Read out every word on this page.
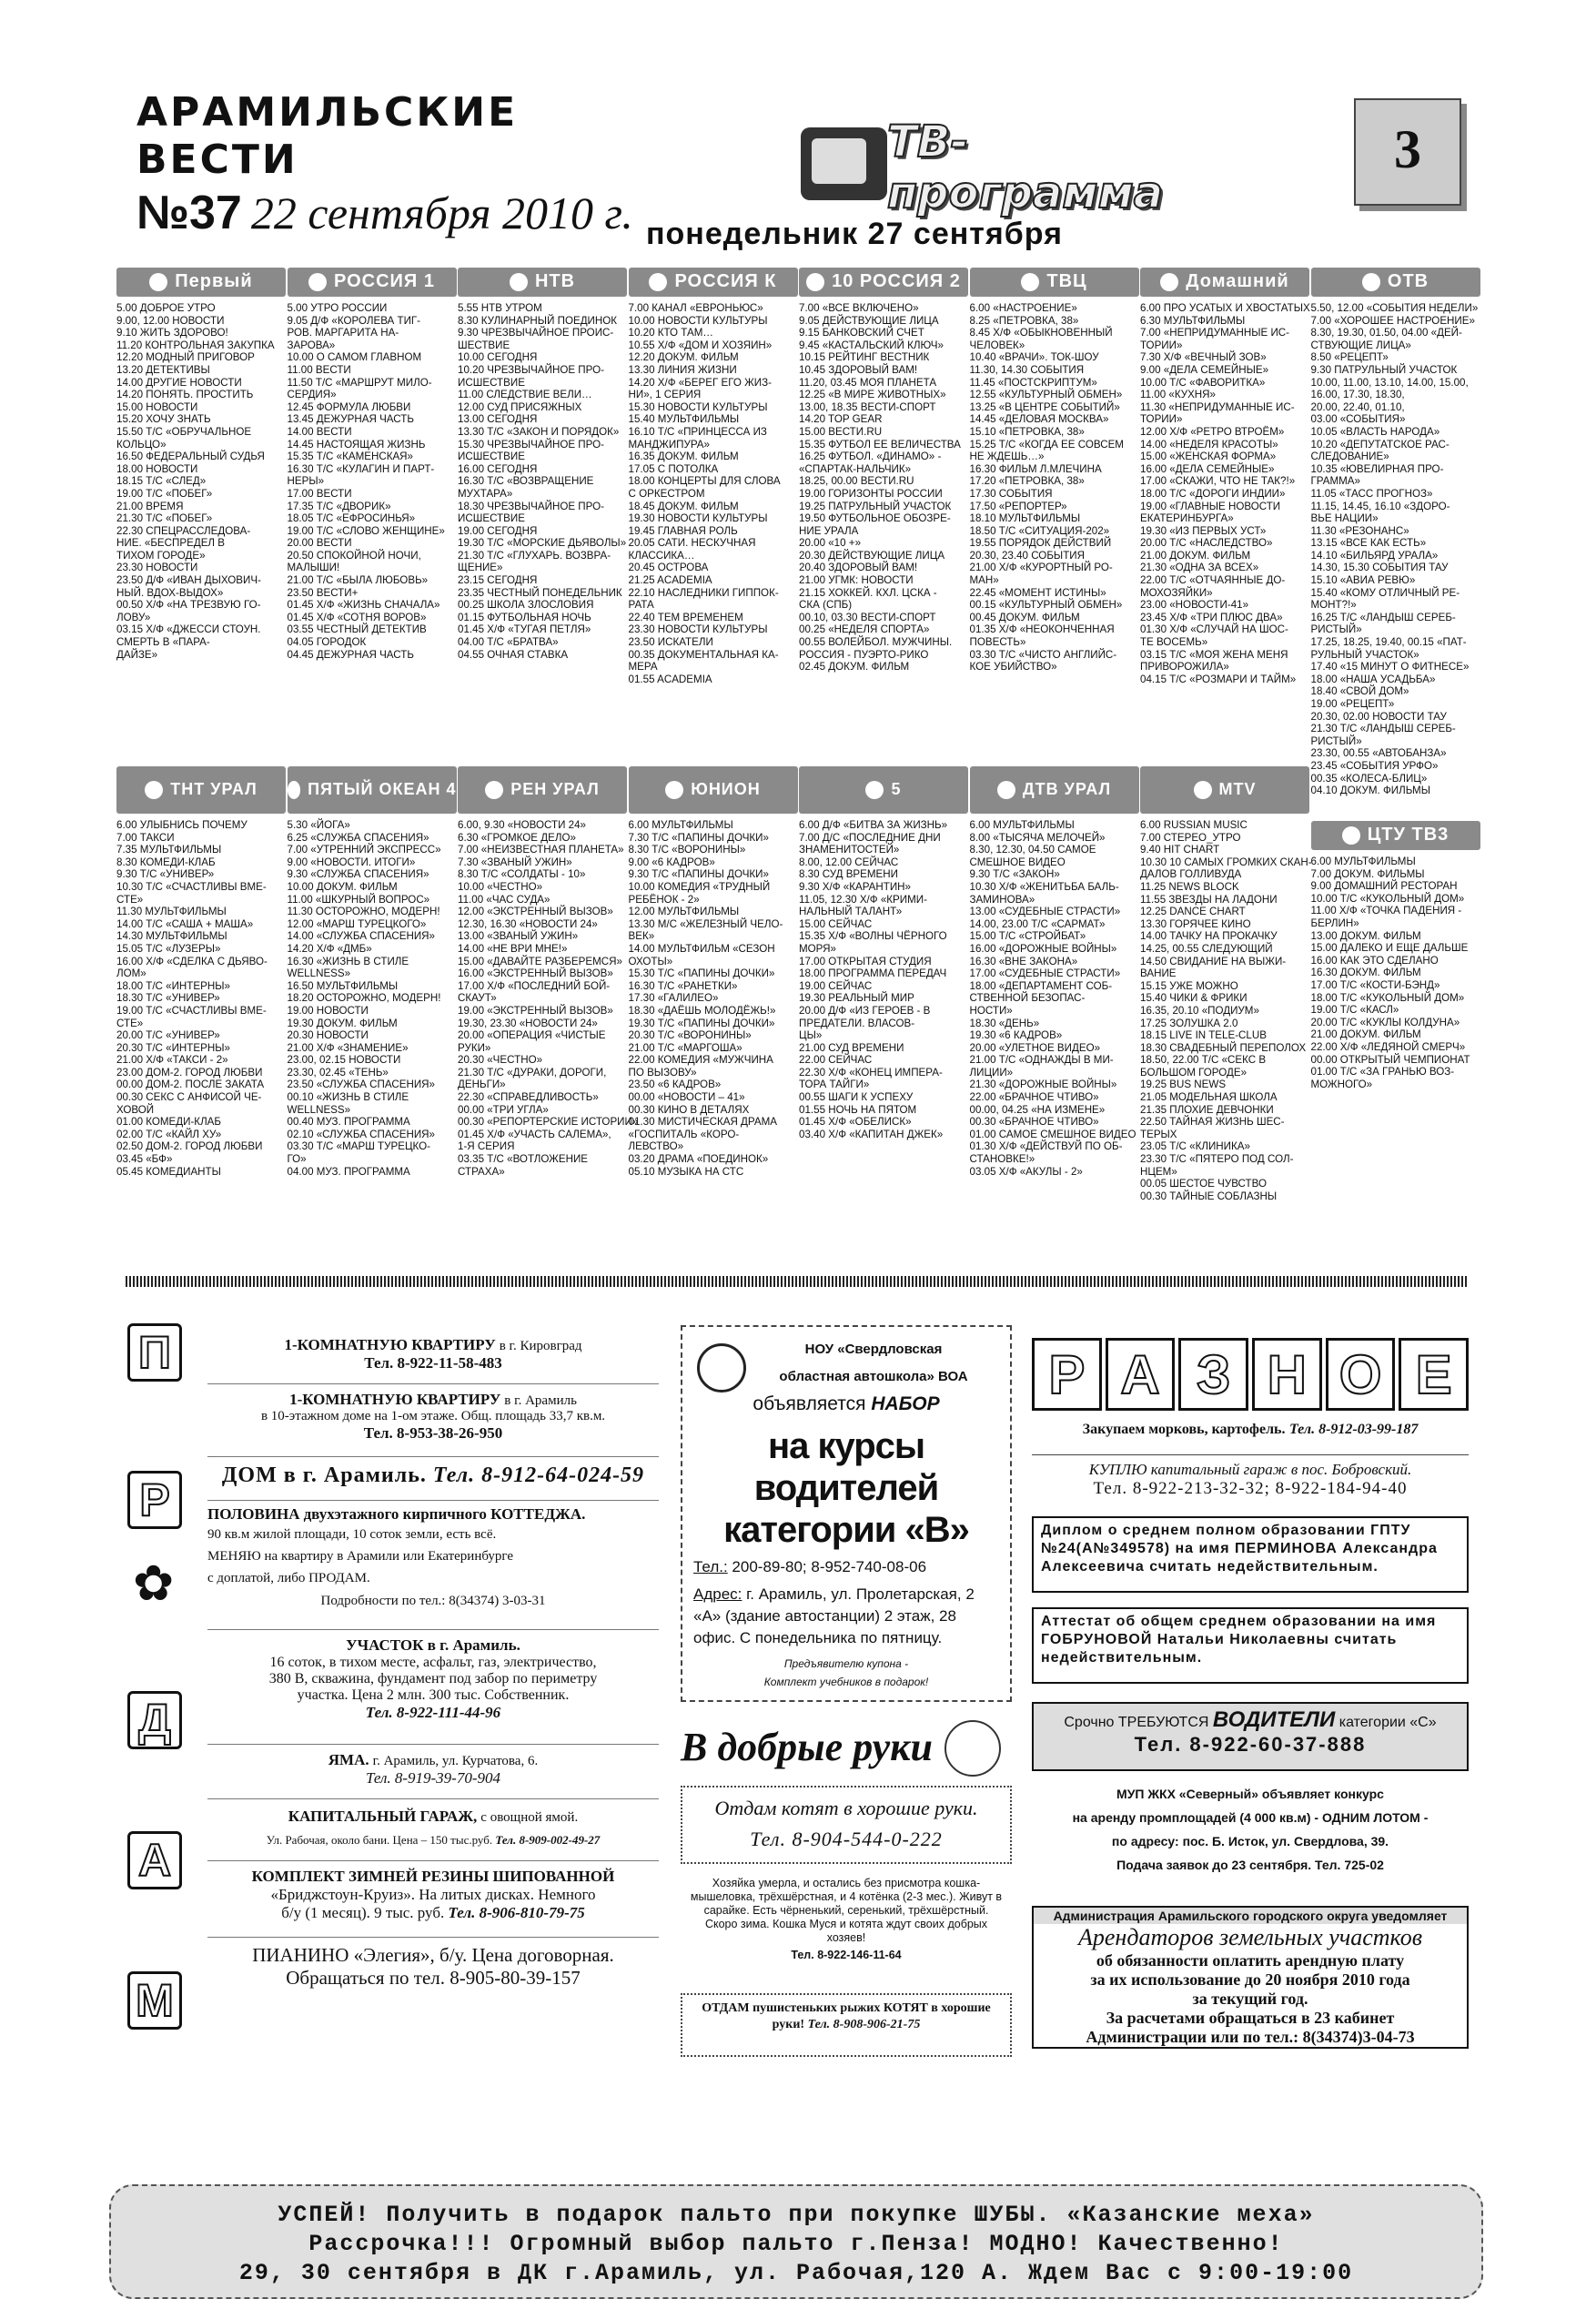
АРАМИЛЬСКИЕ ВЕСТИ
№37 22 сентября 2010 г.
ТВ-программа
3
понедельник 27 сентября
Первый
5.00 ДОБРОЕ УТРО
9.00, 12.00 НОВОСТИ
9.10 ЖИТЬ ЗДОРОВО!
11.20 КОНТРОЛЬНАЯ ЗАКУПКА
12.20 МОДНЫЙ ПРИГОВОР
13.20 ДЕТЕКТИВЫ
14.00 ДРУГИЕ НОВОСТИ
14.20 ПОНЯТЬ. ПРОСТИТЬ
15.00 НОВОСТИ
15.20 ХОЧУ ЗНАТЬ
15.50 Т/С «ОБРУЧАЛЬНОЕ
КОЛЬЦО»
16.50 ФЕДЕРАЛЬНЫЙ СУДЬЯ
18.00 НОВОСТИ
18.15 Т/С «СЛЕД»
19.00 Т/С «ПОБЕГ»
21.00 ВРЕМЯ
21.30 Т/С «ПОБЕГ»
22.30 СПЕЦРАССЛЕДОВА-
НИЕ. «БЕСПРЕДЕЛ В
ТИХОМ ГОРОДЕ»
23.30 НОВОСТИ
23.50 Д/Ф «ИВАН ДЫХОВИЧ-
НЫЙ. ВДОХ-ВЫДОХ»
00.50 Х/Ф «НА ТРЕЗВУЮ ГО-
ЛОВУ»
03.15 Х/Ф «ДЖЕССИ СТОУН.
СМЕРТЬ В «ПАРА-
ДАЙЗЕ»
ТНТ УРАЛ
6.00 УЛЫБНИСЬ ПОЧЕМУ
7.00 ТАКСИ
7.35 МУЛЬТФИЛЬМЫ
8.30 КОМЕДИ-КЛАБ
9.30 Т/С «УНИВЕР»
10.30 Т/С «СЧАСТЛИВЫ ВМЕ-
СТЕ»
11.30 МУЛЬТФИЛЬМЫ
14.00 Т/С «САША + МАША»
14.30 МУЛЬТФИЛЬМЫ
15.05 Т/С «ЛУЗЕРЫ»
16.00 Х/Ф «СДЕЛКА С ДЬЯВО-
ЛОМ»
18.00 Т/С «ИНТЕРНЫ»
18.30 Т/С «УНИВЕР»
19.00 Т/С «СЧАСТЛИВЫ ВМЕ-
СТЕ»
20.00 Т/С «УНИВЕР»
20.30 Т/С «ИНТЕРНЫ»
21.00 Х/Ф «ТАКСИ - 2»
23.00 ДОМ-2. ГОРОД ЛЮБВИ
00.00 ДОМ-2. ПОСЛЕ ЗАКАТА
00.30 СЕКС С АНФИСОЙ ЧЕ-
ХОВОЙ
01.00 КОМЕДИ-КЛАБ
02.00 Т/С «КАЙЛ ХУ»
02.50 ДОМ-2. ГОРОД ЛЮБВИ
03.45 «БФ»
05.45 КОМЕДИАНТЫ
РОССИЯ 1
5.00 УТРО РОССИИ
9.05 Д/Ф «КОРОЛЕВА ТИГ-
РОВ. МАРГАРИТА НА-
ЗАРОВА»
10.00 О САМОМ ГЛАВНОМ
11.00 ВЕСТИ
11.50 Т/С «МАРШРУТ МИЛО-
СЕРДИЯ»
12.45 ФОРМУЛА ЛЮБВИ
13.45 ДЕЖУРНАЯ ЧАСТЬ
14.00 ВЕСТИ
14.45 НАСТОЯЩАЯ ЖИЗНЬ
15.35 Т/С «КАМЕНСКАЯ»
16.30 Т/С «КУЛАГИН И ПАРТ-
НЕРЫ»
17.00 ВЕСТИ
17.35 Т/С «ДВОРИК»
18.05 Т/С «ЕФРОСИНЬЯ»
19.00 Т/С «СЛОВО ЖЕНЩИНЕ»
20.00 ВЕСТИ
20.50 СПОКОЙНОЙ НОЧИ,
МАЛЫШИ!
21.00 Т/С «БЫЛА ЛЮБОВЬ»
23.50 ВЕСТИ+
01.45 Х/Ф «ЖИЗНЬ СНАЧАЛА»
01.45 Х/Ф «СОТНЯ ВОРОВ»
03.55 ЧЕСТНЫЙ ДЕТЕКТИВ
04.05 ГОРОДОК
04.45 ДЕЖУРНАЯ ЧАСТЬ
ПЯТЫЙ ОКЕАН 4
5.30 «ЙОГА»
6.25 «СЛУЖБА СПАСЕНИЯ»
7.00 «УТРЕННИЙ ЭКСПРЕСС»
9.00 «НОВОСТИ. ИТОГИ»
9.30 «СЛУЖБА СПАСЕНИЯ»
10.00 ДОКУМ. ФИЛЬМ
11.00 «ШКУРНЫЙ ВОПРОС»
11.30 ОСТОРОЖНО, МОДЕРН!
12.00 «МАРШ ТУРЕЦКОГО»
14.00 «СЛУЖБА СПАСЕНИЯ»
14.20 Х/Ф «ДМБ»
16.30 «ЖИЗНЬ В СТИЛЕ
WELLNESS»
16.50 МУЛЬТФИЛЬМЫ
18.20 ОСТОРОЖНО, МОДЕРН!
19.00 НОВОСТИ
19.30 ДОКУМ. ФИЛЬМ
20.30 НОВОСТИ
21.00 Х/Ф «ЗНАМЕНИЕ»
23.00, 02.15 НОВОСТИ
23.30, 02.45 «ТЕНЬ»
23.50 «СЛУЖБА СПАСЕНИЯ»
00.10 «ЖИЗНЬ В СТИЛЕ
WELLNESS»
00.40 МУЗ. ПРОГРАММА
02.10 «СЛУЖБА СПАСЕНИЯ»
03.30 Т/С «МАРШ ТУРЕЦКО-
ГО»
04.00 МУЗ. ПРОГРАММА
НТВ
5.55 НТВ УТРОМ
8.30 КУЛИНАРНЫЙ ПОЕДИНОК
9.30 ЧРЕЗВЫЧАЙНОЕ ПРОИС-
ШЕСТВИЕ
10.00 СЕГОДНЯ
10.20 ЧРЕЗВЫЧАЙНОЕ ПРО-
ИСШЕСТВИЕ
11.00 СЛЕДСТВИЕ ВЕЛИ…
12.00 СУД ПРИСЯЖНЫХ
13.00 СЕГОДНЯ
13.30 Т/С «ЗАКОН И ПОРЯДОК»
15.30 ЧРЕЗВЫЧАЙНОЕ ПРО-
ИСШЕСТВИЕ
16.00 СЕГОДНЯ
16.30 Т/С «ВОЗВРАЩЕНИЕ
МУХТАРА»
18.30 ЧРЕЗВЫЧАЙНОЕ ПРО-
ИСШЕСТВИЕ
19.00 СЕГОДНЯ
19.30 Т/С «МОРСКИЕ ДЬЯВОЛЫ»
21.30 Т/С «ГЛУХАРЬ. ВОЗВРА-
ЩЕНИЕ»
23.15 СЕГОДНЯ
23.35 ЧЕСТНЫЙ ПОНЕДЕЛЬНИК
00.25 ШКОЛА ЗЛОСЛОВИЯ
01.15 ФУТБОЛЬНАЯ НОЧЬ
01.45 Х/Ф «ТУГАЯ ПЕТЛЯ»
04.00 Т/С «БРАТВА»
04.55 ОЧНАЯ СТАВКА
РЕН УРАЛ
6.00, 9.30 «НОВОСТИ 24»
6.30 «ГРОМКОЕ ДЕЛО»
7.00 «НЕИЗВЕСТНАЯ ПЛАНЕТА»
7.30 «ЗВАНЫЙ УЖИН»
8.30 Т/С «СОЛДАТЫ - 10»
10.00 «ЧЕСТНО»
11.00 «ЧАС СУДА»
12.00 «ЭКСТРЕННЫЙ ВЫЗОВ»
12.30, 16.30 «НОВОСТИ 24»
13.00 «ЗВАНЫЙ УЖИН»
14.00 «НЕ ВРИ МНЕ!»
15.00 «ДАВАЙТЕ РАЗБЕРЕМСЯ»
16.00 «ЭКСТРЕННЫЙ ВЫЗОВ»
17.00 Х/Ф «ПОСЛЕДНИЙ БОЙ-
СКАУТ»
19.00 «ЭКСТРЕННЫЙ ВЫЗОВ»
19.30, 23.30 «НОВОСТИ 24»
20.00 «ОПЕРАЦИЯ «ЧИСТЫЕ
РУКИ»
20.30 «ЧЕСТНО»
21.30 Т/С «ДУРАКИ, ДОРОГИ,
ДЕНЬГИ»
22.30 «СПРАВЕДЛИВОСТЬ»
00.00 «ТРИ УГЛА»
00.30 «РЕПОРТЕРСКИЕ ИСТОРИИ»
01.45 Х/Ф «УЧАСТЬ САЛЕМА»,
1-Я СЕРИЯ
03.35 Т/С «ВОТЛОЖЕНИЕ
СТРАХА»
РОССИЯ К
7.00 КАНАЛ «ЕВРОНЬЮС»
10.00 НОВОСТИ КУЛЬТУРЫ
10.20 КТО ТАМ…
10.55 Х/Ф «ДОМ И ХОЗЯИН»
12.20 ДОКУМ. ФИЛЬМ
13.30 ЛИНИЯ ЖИЗНИ
14.20 Х/Ф «БЕРЕГ ЕГО ЖИЗ-
НИ», 1 СЕРИЯ
15.30 НОВОСТИ КУЛЬТУРЫ
15.40 МУЛЬТФИЛЬМЫ
16.10 Т/С «ПРИНЦЕССА ИЗ
МАНДЖИПУРА»
16.35 ДОКУМ. ФИЛЬМ
17.05 С ПОТОЛКА
18.00 КОНЦЕРТЫ ДЛЯ СЛОВА
С ОРКЕСТРОМ
18.45 ДОКУМ. ФИЛЬМ
19.30 НОВОСТИ КУЛЬТУРЫ
19.45 ГЛАВНАЯ РОЛЬ
20.05 САТИ. НЕСКУЧНАЯ
КЛАССИКА…
20.45 ОСТРОВА
21.25 ACADEMIA
22.10 НАСЛЕДНИКИ ГИППОК-
РАТА
22.40 ТЕМ ВРЕМЕНЕМ
23.30 НОВОСТИ КУЛЬТУРЫ
23.50 ИСКАТЕЛИ
00.35 ДОКУМЕНТАЛЬНАЯ КА-
МЕРА
01.55 ACADEMIA
ЮНИОН
6.00 МУЛЬТФИЛЬМЫ
7.30 Т/С «ПАПИНЫ ДОЧКИ»
8.30 Т/С «ВОРОНИНЫ»
9.00 «6 КАДРОВ»
9.30 Т/С «ПАПИНЫ ДОЧКИ»
10.00 КОМЕДИЯ «ТРУДНЫЙ
РЕБЁНОК - 2»
12.00 МУЛЬТФИЛЬМЫ
13.30 М/С «ЖЕЛЕЗНЫЙ ЧЕЛО-
ВЕК»
14.00 МУЛЬТФИЛЬМ «СЕЗОН
ОХОТЫ»
15.30 Т/С «ПАПИНЫ ДОЧКИ»
16.30 Т/С «РАНЕТКИ»
17.30 «ГАЛИЛЕО»
18.30 «ДАЁШЬ МОЛОДЁЖЬ!»
19.30 Т/С «ПАПИНЫ ДОЧКИ»
20.30 Т/С «ВОРОНИНЫ»
21.00 Т/С «МАРГОША»
22.00 КОМЕДИЯ «МУЖЧИНА
ПО ВЫЗОВУ»
23.50 «6 КАДРОВ»
00.00 «НОВОСТИ – 41»
00.30 КИНО В ДЕТАЛЯХ
01.30 МИСТИЧЕСКАЯ ДРАМА
«ГОСПИТАЛЬ «КОРО-
ЛЕВСТВО»
03.20 ДРАМА «ПОЕДИНОК»
05.10 МУЗЫКА НА СТС
10 РОССИЯ 2
7.00 «ВСЕ ВКЛЮЧЕНО»
9.05 ДЕЙСТВУЮЩИЕ ЛИЦА
9.15 БАНКОВСКИЙ СЧЕТ
9.45 «КАСТАЛЬСКИЙ КЛЮЧ»
10.15 РЕЙТИНГ ВЕСТНИК
10.45 ЗДОРОВЫЙ ВАМ!
11.20, 03.45 МОЯ ПЛАНЕТА
12.25 «В МИРЕ ЖИВОТНЫХ»
13.00, 18.35 ВЕСТИ-СПОРТ
14.20 TOP GEAR
15.00 ВЕСТИ.RU
15.35 ФУТБОЛ ЕЕ ВЕЛИЧЕСТВА
16.25 ФУТБОЛ. «ДИНАМО» -
«СПАРТАК-НАЛЬЧИК»
18.25, 00.00 ВЕСТИ.RU
19.00 ГОРИЗОНТЫ РОССИИ
19.25 ПАТРУЛЬНЫЙ УЧАСТОК
19.50 ФУТБОЛЬНОЕ ОБОЗРЕ-
НИЕ УРАЛА
20.00 «10 +»
20.30 ДЕЙСТВУЮЩИЕ ЛИЦА
20.40 ЗДОРОВЫЙ ВАМ!
21.00 УГМК: НОВОСТИ
21.15 ХОККЕЙ. КХЛ. ЦСКА -
СКА (СПБ)
00.10, 03.30 ВЕСТИ-СПОРТ
00.25 «НЕДЕЛЯ СПОРТА»
00.55 ВОЛЕЙБОЛ. МУЖЧИНЫ.
РОССИЯ - ПУЭРТО-РИКО
02.45 ДОКУМ. ФИЛЬМ
5
6.00 Д/Ф «БИТВА ЗА ЖИЗНЬ»
7.00 Д/С «ПОСЛЕДНИЕ ДНИ
ЗНАМЕНИТОСТЕЙ»
8.00, 12.00 СЕЙЧАС
8.30 СУД ВРЕМЕНИ
9.30 Х/Ф «КАРАНТИН»
11.05, 12.30 Х/Ф «КРИМИ-
НАЛЬНЫЙ ТАЛАНТ»
15.00 СЕЙЧАС
15.35 Х/Ф «ВОЛНЫ ЧЁРНОГО
МОРЯ»
17.00 ОТКРЫТАЯ СТУДИЯ
18.00 ПРОГРАММА ПЕРЕДАЧ
19.00 СЕЙЧАС
19.30 РЕАЛЬНЫЙ МИР
20.00 Д/Ф «ИЗ ГЕРОЕВ - В
ПРЕДАТЕЛИ. ВЛАСОВ-
ЦЫ»
21.00 СУД ВРЕМЕНИ
22.00 СЕЙЧАС
22.30 Х/Ф «КОНЕЦ ИМПЕРА-
ТОРА ТАЙГИ»
00.55 ШАГИ К УСПЕХУ
01.55 НОЧЬ НА ПЯТОМ
01.45 Х/Ф «ОБЕЛИСК»
03.40 Х/Ф «КАПИТАН ДЖЕК»
ТВЦ
6.00 «НАСТРОЕНИЕ»
8.25 «ПЕТРОВКА, 38»
8.45 Х/Ф «ОБЫКНОВЕННЫЙ
ЧЕЛОВЕК»
10.40 «ВРАЧИ». ТОК-ШОУ
11.30, 14.30 СОБЫТИЯ
11.45 «ПОСТСКРИПТУМ»
12.55 «КУЛЬТУРНЫЙ ОБМЕН»
13.25 «В ЦЕНТРЕ СОБЫТИЙ»
14.45 «ДЕЛОВАЯ МОСКВА»
15.10 «ПЕТРОВКА, 38»
15.25 Т/С «КОГДА ЕЕ СОВСЕМ
НЕ ЖДЕШЬ…»
16.30 ФИЛЬМ Л.МЛЕЧИНА
17.20 «ПЕТРОВКА, 38»
17.30 СОБЫТИЯ
17.50 «РЕПОРТЕР»
18.10 МУЛЬТФИЛЬМЫ
18.50 Т/С «СИТУАЦИЯ-202»
19.55 ПОРЯДОК ДЕЙСТВИЙ
20.30, 23.40 СОБЫТИЯ
21.00 Х/Ф «КУРОРТНЫЙ РО-
МАН»
22.45 «МОМЕНТ ИСТИНЫ»
00.15 «КУЛЬТУРНЫЙ ОБМЕН»
00.45 ДОКУМ. ФИЛЬМ
01.35 Х/Ф «НЕОКОНЧЕННАЯ
ПОВЕСТЬ»
03.30 Т/С «ЧИСТО АНГЛИЙС-
КОЕ УБИЙСТВО»
ДТВ УРАЛ
6.00 МУЛЬТФИЛЬМЫ
8.00 «ТЫСЯЧА МЕЛОЧЕЙ»
8.30, 12.30, 04.50 САМОЕ
СМЕШНОЕ ВИДЕО
9.30 Т/С «ЗАКОН»
10.30 Х/Ф «ЖЕНИТЬБА БАЛЬ-
ЗАМИНОВА»
13.00 «СУДЕБНЫЕ СТРАСТИ»
14.00, 23.00 Т/С «САРМАТ»
15.00 Т/С «СТРОЙБАТ»
16.00 «ДОРОЖНЫЕ ВОЙНЫ»
16.30 «ВНЕ ЗАКОНА»
17.00 «СУДЕБНЫЕ СТРАСТИ»
18.00 «ДЕПАРТАМЕНТ СОБ-
СТВЕННОЙ БЕЗОПАС-
НОСТИ»
18.30 «ДЕНЬ»
19.30 «6 КАДРОВ»
20.00 «УЛЕТНОЕ ВИДЕО»
21.00 Т/С «ОДНАЖДЫ В МИ-
ЛИЦИИ»
21.30 «ДОРОЖНЫЕ ВОЙНЫ»
22.00 «БРАЧНОЕ ЧТИВО»
00.00, 04.25 «НА ИЗМЕНЕ»
00.30 «БРАЧНОЕ ЧТИВО»
01.00 САМОЕ СМЕШНОЕ ВИДЕО
01.30 Х/Ф «ДЕЙСТВУЙ ПО ОБ-
СТАНОВКЕ!»
03.05 Х/Ф «АКУЛЫ - 2»
Домашний
6.00 ПРО УСАТЫХ И ХВОСТАТЫХ
6.30 МУЛЬТФИЛЬМЫ
7.00 «НЕПРИДУМАННЫЕ ИС-
ТОРИИ»
7.30 Х/Ф «ВЕЧНЫЙ ЗОВ»
9.00 «ДЕЛА СЕМЕЙНЫЕ»
10.00 Т/С «ФАВОРИТКА»
11.00 «КУХНЯ»
11.30 «НЕПРИДУМАННЫЕ ИС-
ТОРИИ»
12.00 Х/Ф «РЕТРО ВТРОЁМ»
14.00 «НЕДЕЛЯ КРАСОТЫ»
15.00 «ЖЕНСКАЯ ФОРМА»
16.00 «ДЕЛА СЕМЕЙНЫЕ»
17.00 «СКАЖИ, ЧТО НЕ ТАК?!»
18.00 Т/С «ДОРОГИ ИНДИИ»
19.00 «ГЛАВНЫЕ НОВОСТИ
ЕКАТЕРИНБУРГА»
19.30 «ИЗ ПЕРВЫХ УСТ»
20.00 Т/С «НАСЛЕДСТВО»
21.00 ДОКУМ. ФИЛЬМ
21.30 «ОДНА ЗА ВСЕХ»
22.00 Т/С «ОТЧАЯННЫЕ ДО-
МОХОЗЯЙКИ»
23.00 «НОВОСТИ-41»
23.45 Х/Ф «ТРИ ПЛЮС ДВА»
01.30 Х/Ф «СЛУЧАЙ НА ШОС-
ТЕ ВОСЕМЬ»
03.15 Т/С «МОЯ ЖЕНА МЕНЯ
ПРИВОРОЖИЛА»
04.15 Т/С «РОЗМАРИ И ТАЙМ»
MTV
6.00 RUSSIAN MUSIC
7.00 СТЕРЕО_УТРО
9.40 HIT CHART
10.30 10 САМЫХ ГРОМКИХ СКАН-
ДАЛОВ ГОЛЛИВУДА
11.25 NEWS BLOCK
11.55 ЗВЕЗДЫ НА ЛАДОНИ
12.25 DANCE CHART
13.30 ГОРЯЧЕЕ КИНО
14.00 ТАЧКУ НА ПРОКАЧКУ
14.25, 00.55 СЛЕДУЮЩИЙ
14.50 СВИДАНИЕ НА ВЫЖИ-
ВАНИЕ
15.15 УЖЕ МОЖНО
15.40 ЧИКИ & ФРИКИ
16.35, 20.10 «ПОДИУМ»
17.25 ЗОЛУШКА 2.0
18.15 LIVE IN TELE-CLUB
18.30 СВАДЕБНЫЙ ПЕРЕПОЛОХ
18.50, 22.00 Т/С «СЕКС В
БОЛЬШОМ ГОРОДЕ»
19.25 BUS NEWS
21.05 МОДЕЛЬНАЯ ШКОЛА
21.35 ПЛОХИЕ ДЕВЧОНКИ
22.50 ТАЙНАЯ ЖИЗНЬ ШЕС-
ТЕРЫХ
23.05 Т/С «КЛИНИКА»
23.30 Т/С «ПЯТЕРО ПОД СОЛ-
НЦЕМ»
00.05 ШЕСТОЕ ЧУВСТВО
00.30 ТАЙНЫЕ СОБЛАЗНЫ
ОТВ
5.50, 12.00 «СОБЫТИЯ НЕДЕЛИ»
7.00 «ХОРОШЕЕ НАСТРОЕНИЕ»
8.30, 19.30, 01.50, 04.00 «ДЕЙ-
СТВУЮЩИЕ ЛИЦА»
8.50 «РЕЦЕПТ»
9.30 ПАТРУЛЬНЫЙ УЧАСТОК
10.00, 11.00, 13.10, 14.00, 15.00,
16.00, 17.30, 18.30,
20.00, 22.40, 01.10,
03.00 «СОБЫТИЯ»
10.05 «ВЛАСТЬ НАРОДА»
10.20 «ДЕПУТАТСКОЕ РАС-
СЛЕДОВАНИЕ»
10.35 «ЮВЕЛИРНАЯ ПРО-
ГРАММА»
11.05 «ТАСС ПРОГНОЗ»
11.15, 14.45, 16.10 «ЗДОРО-
ВЬЕ НАЦИИ»
11.30 «РЕЗОНАНС»
13.15 «ВСЕ КАК ЕСТЬ»
14.10 «БИЛЬЯРД УРАЛА»
14.30, 15.30 СОБЫТИЯ ТАУ
15.10 «АВИА РЕВЮ»
15.40 «КОМУ ОТЛИЧНЫЙ РЕ-
МОНТ?!»
16.25 Т/С «ЛАНДЫШ СЕРЕБ-
РИСТЫЙ»
17.25, 18.25, 19.40, 00.15 «ПАТ-
РУЛЬНЫЙ УЧАСТОК»
17.40 «15 МИНУТ О ФИТНЕСЕ»
18.00 «НАША УСАДЬБА»
18.40 «СВОЙ ДОМ»
19.00 «РЕЦЕПТ»
20.30, 02.00 НОВОСТИ ТАУ
21.30 Т/С «ЛАНДЫШ СЕРЕБ-
РИСТЫЙ»
23.30, 00.55 «АВТОБАНЗА»
23.45 «СОБЫТИЯ УРФО»
00.35 «КОЛЕСА-БЛИЦ»
04.10 ДОКУМ. ФИЛЬМЫ
ЦТУ ТВ3
6.00 МУЛЬТФИЛЬМЫ
7.00 ДОКУМ. ФИЛЬМЫ
9.00 ДОМАШНИЙ РЕСТОРАН
10.00 Т/С «КУКОЛЬНЫЙ ДОМ»
11.00 Х/Ф «ТОЧКА ПАДЕНИЯ -
БЕРЛИН»
13.00 ДОКУМ. ФИЛЬМ
15.00 ДАЛЕКО И ЕЩЕ ДАЛЬШЕ
16.00 КАК ЭТО СДЕЛАНО
16.30 ДОКУМ. ФИЛЬМ
17.00 Т/С «КОСТИ-БЭНД»
18.00 Т/С «КУКОЛЬНЫЙ ДОМ»
19.00 Т/С «КАСЛ»
20.00 Т/С «КУКЛЫ КОЛДУНА»
21.00 ДОКУМ. ФИЛЬМ
22.00 Х/Ф «ЛЕДЯНОЙ СМЕРЧ»
00.00 ОТКРЫТЫЙ ЧЕМПИОНАТ
01.00 Т/С «ЗА ГРАНЬЮ ВОЗ-
МОЖНОГО»
П
Р
✿
Д
А
М
1-КОМНАТНУЮ КВАРТИРУ в г. Кировград
Тел. 8-922-11-58-483
1-КОМНАТНУЮ КВАРТИРУ в г. Арамиль
в 10-этажном доме на 1-ом этаже. Общ. площадь 33,7 кв.м.
Тел. 8-953-38-26-950
ДОМ в г. Арамиль. Тел. 8-912-64-024-59
ПОЛОВИНА двухэтажного кирпичного КОТТЕДЖА.
90 кв.м жилой площади, 10 соток земли, есть всё.
МЕНЯЮ на квартиру в Арамили или Екатеринбурге
с доплатой, либо ПРОДАМ.
Подробности по тел.: 8(34374) 3-03-31
УЧАСТОК в г. Арамиль.
16 соток, в тихом месте, асфальт, газ, электричество,
380 В, скважина, фундамент под забор по периметру
участка. Цена 2 млн. 300 тыс. Собственник.
Тел. 8-922-111-44-96
ЯМА. г. Арамиль, ул. Курчатова, 6.
Тел. 8-919-39-70-904
КАПИТАЛЬНЫЙ ГАРАЖ, с овощной ямой.
Ул. Рабочая, около бани. Цена – 150 тыс.руб. Тел. 8-909-002-49-27
КОМПЛЕКТ ЗИМНЕЙ РЕЗИНЫ ШИПОВАННОЙ
«Бриджстоун-Круиз». На литых дисках. Немного
б/у (1 месяц). 9 тыс. руб. Тел. 8-906-810-79-75
ПИАНИНО «Элегия», б/у. Цена договорная.
Обращаться по тел. 8-905-80-39-157
НОУ «Свердловская
областная автошкола» ВОА
объявляется НАБОР
на курсы
водителей
категории «В»
Тел.: 200-89-80; 8-952-740-08-06
Адрес: г. Арамиль, ул. Пролетарская, 2 «А» (здание автостанции) 2 этаж, 28 офис. С понедельника по пятницу.
Предъявителю купона -
Комплект учебников в подарок!
В добрые руки
Отдам котят в хорошие руки.
Тел. 8-904-544-0-222
Хозяйка умерла, и остались без присмотра кошка-мышеловка, трёхшёрстная, и 4 котёнка (2-3 мес.). Живут в сарайке. Есть чёрненький, серенький, трёхшёрстный. Скоро зима. Кошка Муся и котята ждут своих добрых хозяев!
Тел. 8-922-146-11-64
ОТДАМ пушистеньких рыжих КОТЯТ в хорошие руки! Тел. 8-908-906-21-75
Р А З Н О Е
Закупаем морковь, картофель. Тел. 8-912-03-99-187
КУПЛЮ капитальный гараж в пос. Бобровский.
Тел. 8-922-213-32-32; 8-922-184-94-40
Диплом о среднем полном образовании ГПТУ №24(А№349578) на имя ПЕРМИНОВА Александра Алексеевича считать недействительным.
Аттестат об общем среднем образовании на имя ГОБРУНОВОЙ Натальи Николаевны считать недействительным.
Срочно ТРЕБУЮТСЯ ВОДИТЕЛИ категории «С»
Тел. 8-922-60-37-888
МУП ЖКХ «Северный» объявляет конкурс
на аренду промплощадей (4 000 кв.м) - ОДНИМ ЛОТОМ -
по адресу: пос. Б. Исток, ул. Свердлова, 39.
Подача заявок до 23 сентября. Тел. 725-02
Администрация Арамильского городского округа уведомляет
Арендаторов земельных участков
об обязанности оплатить арендную плату
за их использование до 20 ноября 2010 года
за текущий год.
За расчетами обращаться в 23 кабинет
Администрации или по тел.: 8(34374)3-04-73
УСПЕЙ! Получить в подарок пальто при покупке ШУБЫ. «Казанские меха»
Рассрочка!!! Огромный выбор пальто г.Пенза! МОДНО! Качественно!
29, 30 сентября в ДК г.Арамиль, ул. Рабочая,120 А. Ждем Вас с 9:00-19:00
